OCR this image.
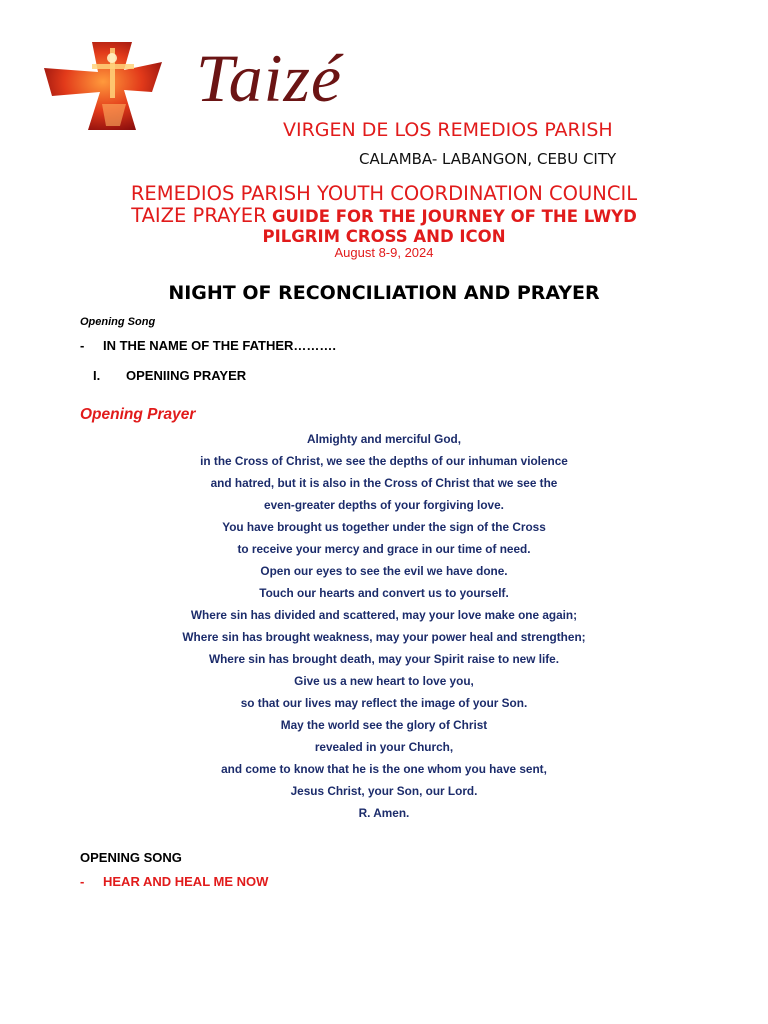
Taizé
VIRGEN DE LOS REMEDIOS PARISH
CALAMBA- LABANGON, CEBU CITY
REMEDIOS PARISH YOUTH COORDINATION COUNCIL
TAIZE PRAYER GUIDE FOR THE JOURNEY OF THE LWYD
PILGRIM CROSS AND ICON
August 8-9, 2024
NIGHT OF RECONCILIATION AND PRAYER
Opening Song
- IN THE NAME OF THE FATHER……….
I. OPENIING PRAYER
Opening Prayer
Almighty and merciful God,
in the Cross of Christ, we see the depths of our inhuman violence
and hatred, but it is also in the Cross of Christ that we see the
even-greater depths of your forgiving love.
You have brought us together under the sign of the Cross
to receive your mercy and grace in our time of need.
Open our eyes to see the evil we have done.
Touch our hearts and convert us to yourself.
Where sin has divided and scattered, may your love make one again;
Where sin has brought weakness, may your power heal and strengthen;
Where sin has brought death, may your Spirit raise to new life.
Give us a new heart to love you,
so that our lives may reflect the image of your Son.
May the world see the glory of Christ
revealed in your Church,
and come to know that he is the one whom you have sent,
Jesus Christ, your Son, our Lord.
R. Amen.
OPENING SONG
- HEAR AND HEAL ME NOW
